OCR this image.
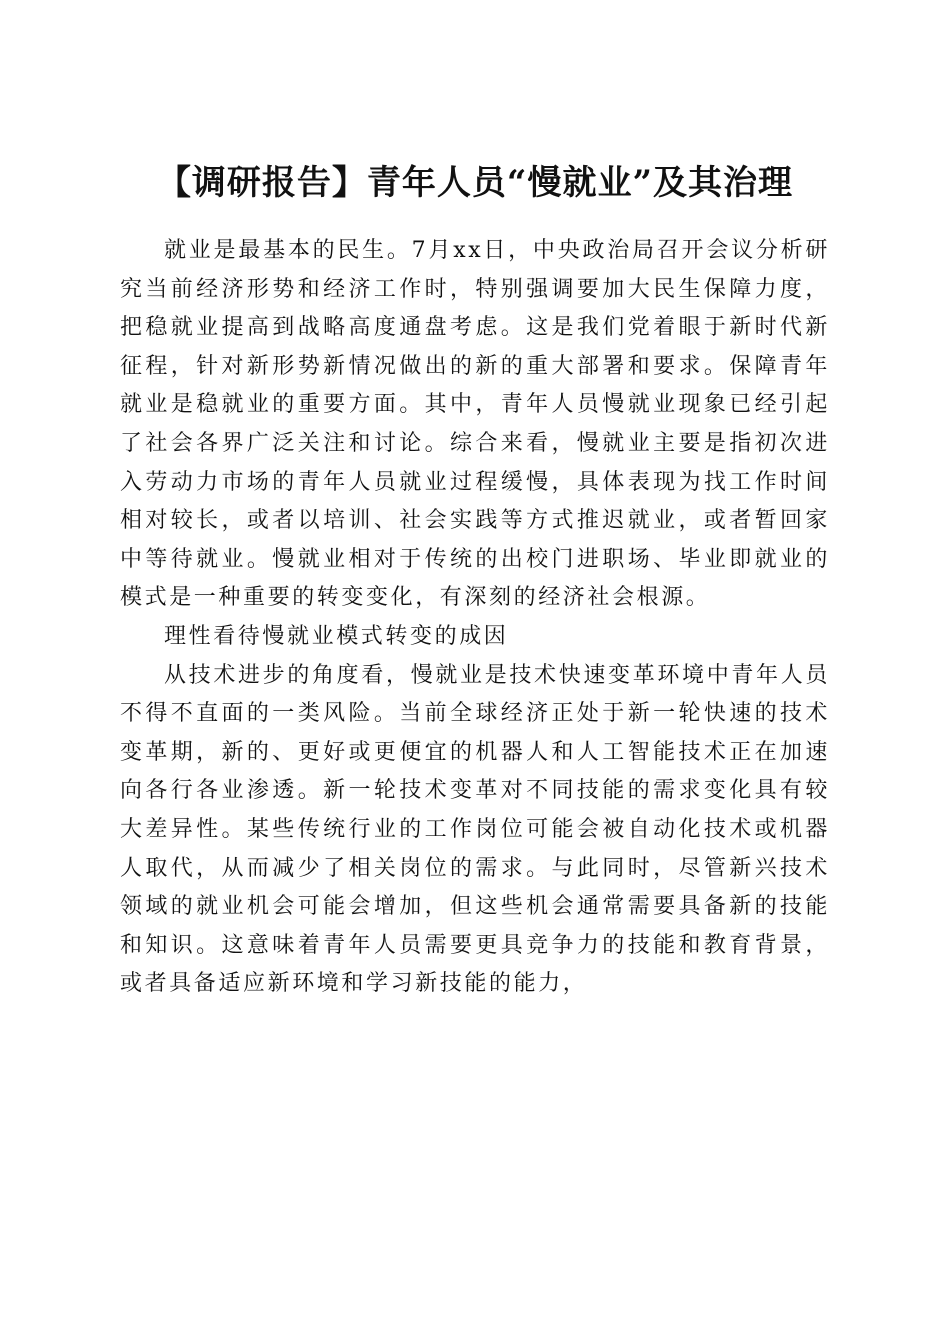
【调研报告】青年人员“慢就业”及其治理

就业是最基本的民生。7月xx日，中央政治局召开会议分析研究当前经济形势和经济工作时，特别强调要加大民生保障力度，把稳就业提高到战略高度通盘考虑。这是我们党着眼于新时代新征程，针对新形势新情况做出的新的重大部署和要求。保障青年就业是稳就业的重要方面。其中，青年人员慢就业现象已经引起了社会各界广泛关注和讨论。综合来看，慢就业主要是指初次进入劳动力市场的青年人员就业过程缓慢，具体表现为找工作时间相对较长，或者以培训、社会实践等方式推迟就业，或者暂回家中等待就业。慢就业相对于传统的出校门进职场、毕业即就业的模式是一种重要的转变变化，有深刻的经济社会根源。

理性看待慢就业模式转变的成因

从技术进步的角度看，慢就业是技术快速变革环境中青年人员不得不直面的一类风险。当前全球经济正处于新一轮快速的技术变革期，新的、更好或更便宜的机器人和人工智能技术正在加速向各行各业渗透。新一轮技术变革对不同技能的需求变化具有较大差异性。某些传统行业的工作岗位可能会被自动化技术或机器人取代，从而减少了相关岗位的需求。与此同时，尽管新兴技术领域的就业机会可能会增加，但这些机会通常需要具备新的技能和知识。这意味着青年人员需要更具竞争力的技能和教育背景，或者具备适应新环境和学习新技能的能力，
